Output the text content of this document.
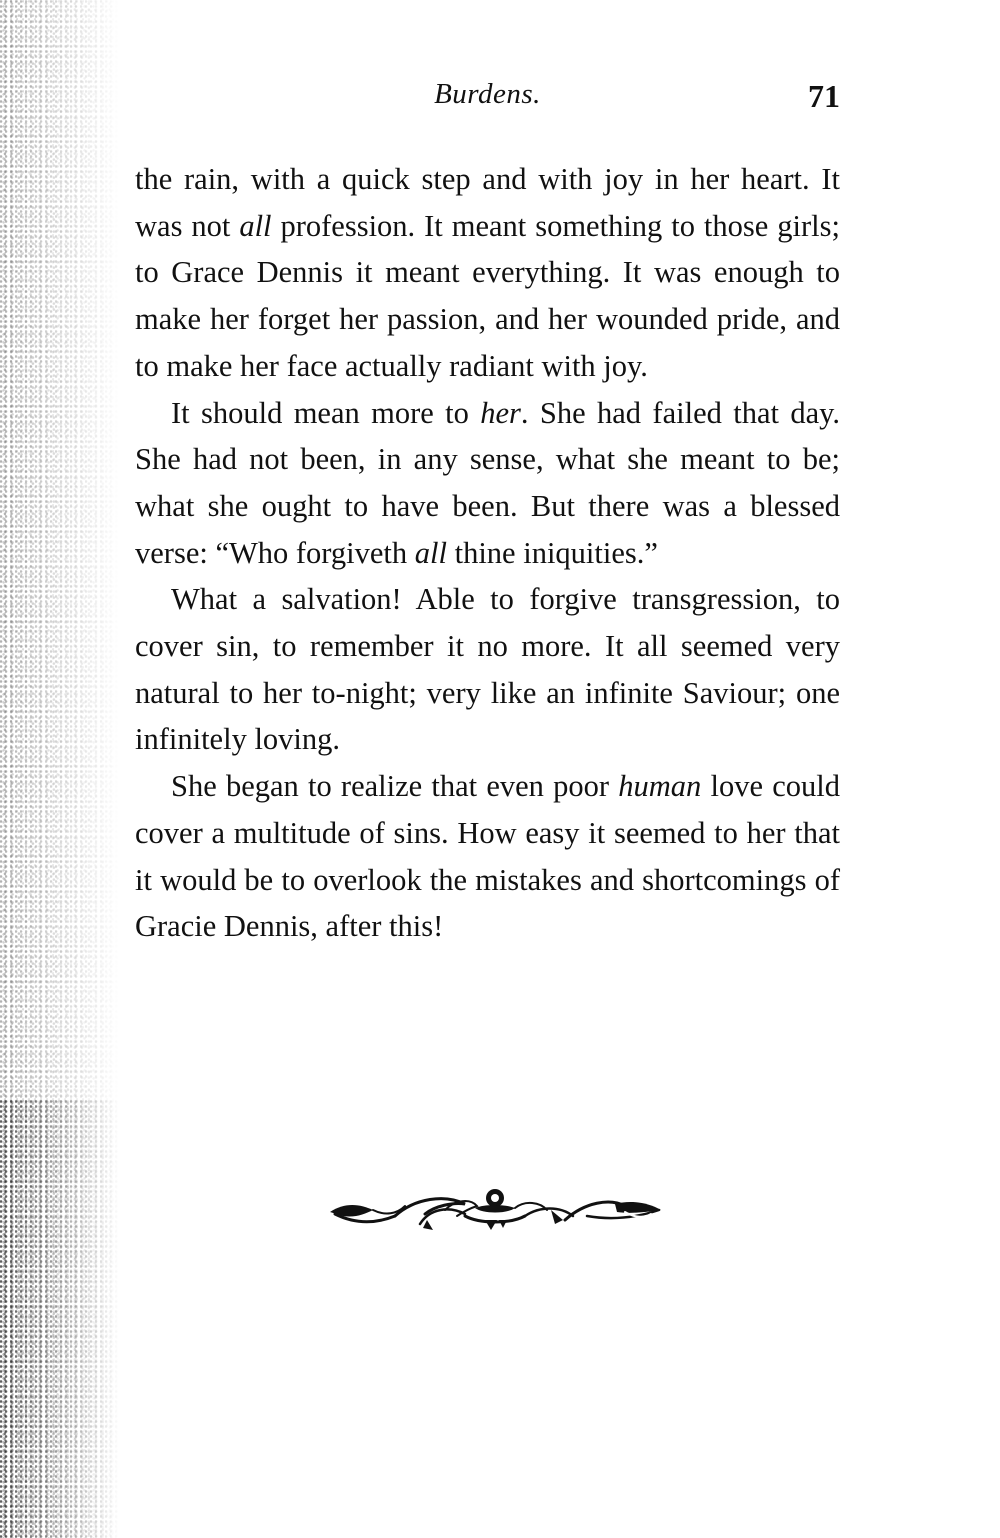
Burdens.	71

the rain, with a quick step and with joy in her heart. It was not all profession. It meant something to those girls; to Grace Dennis it meant everything. It was enough to make her forget her passion, and her wounded pride, and to make her face actually radiant with joy.

It should mean more to her. She had failed that day. She had not been, in any sense, what she meant to be; what she ought to have been. But there was a blessed verse: “Who forgiveth all thine iniquities.”

What a salvation! Able to forgive transgression, to cover sin, to remember it no more. It all seemed very natural to her to-night; very like an infinite Saviour; one infinitely loving.

She began to realize that even poor human love could cover a multitude of sins. How easy it seemed to her that it would be to overlook the mistakes and shortcomings of Gracie Dennis, after this!
